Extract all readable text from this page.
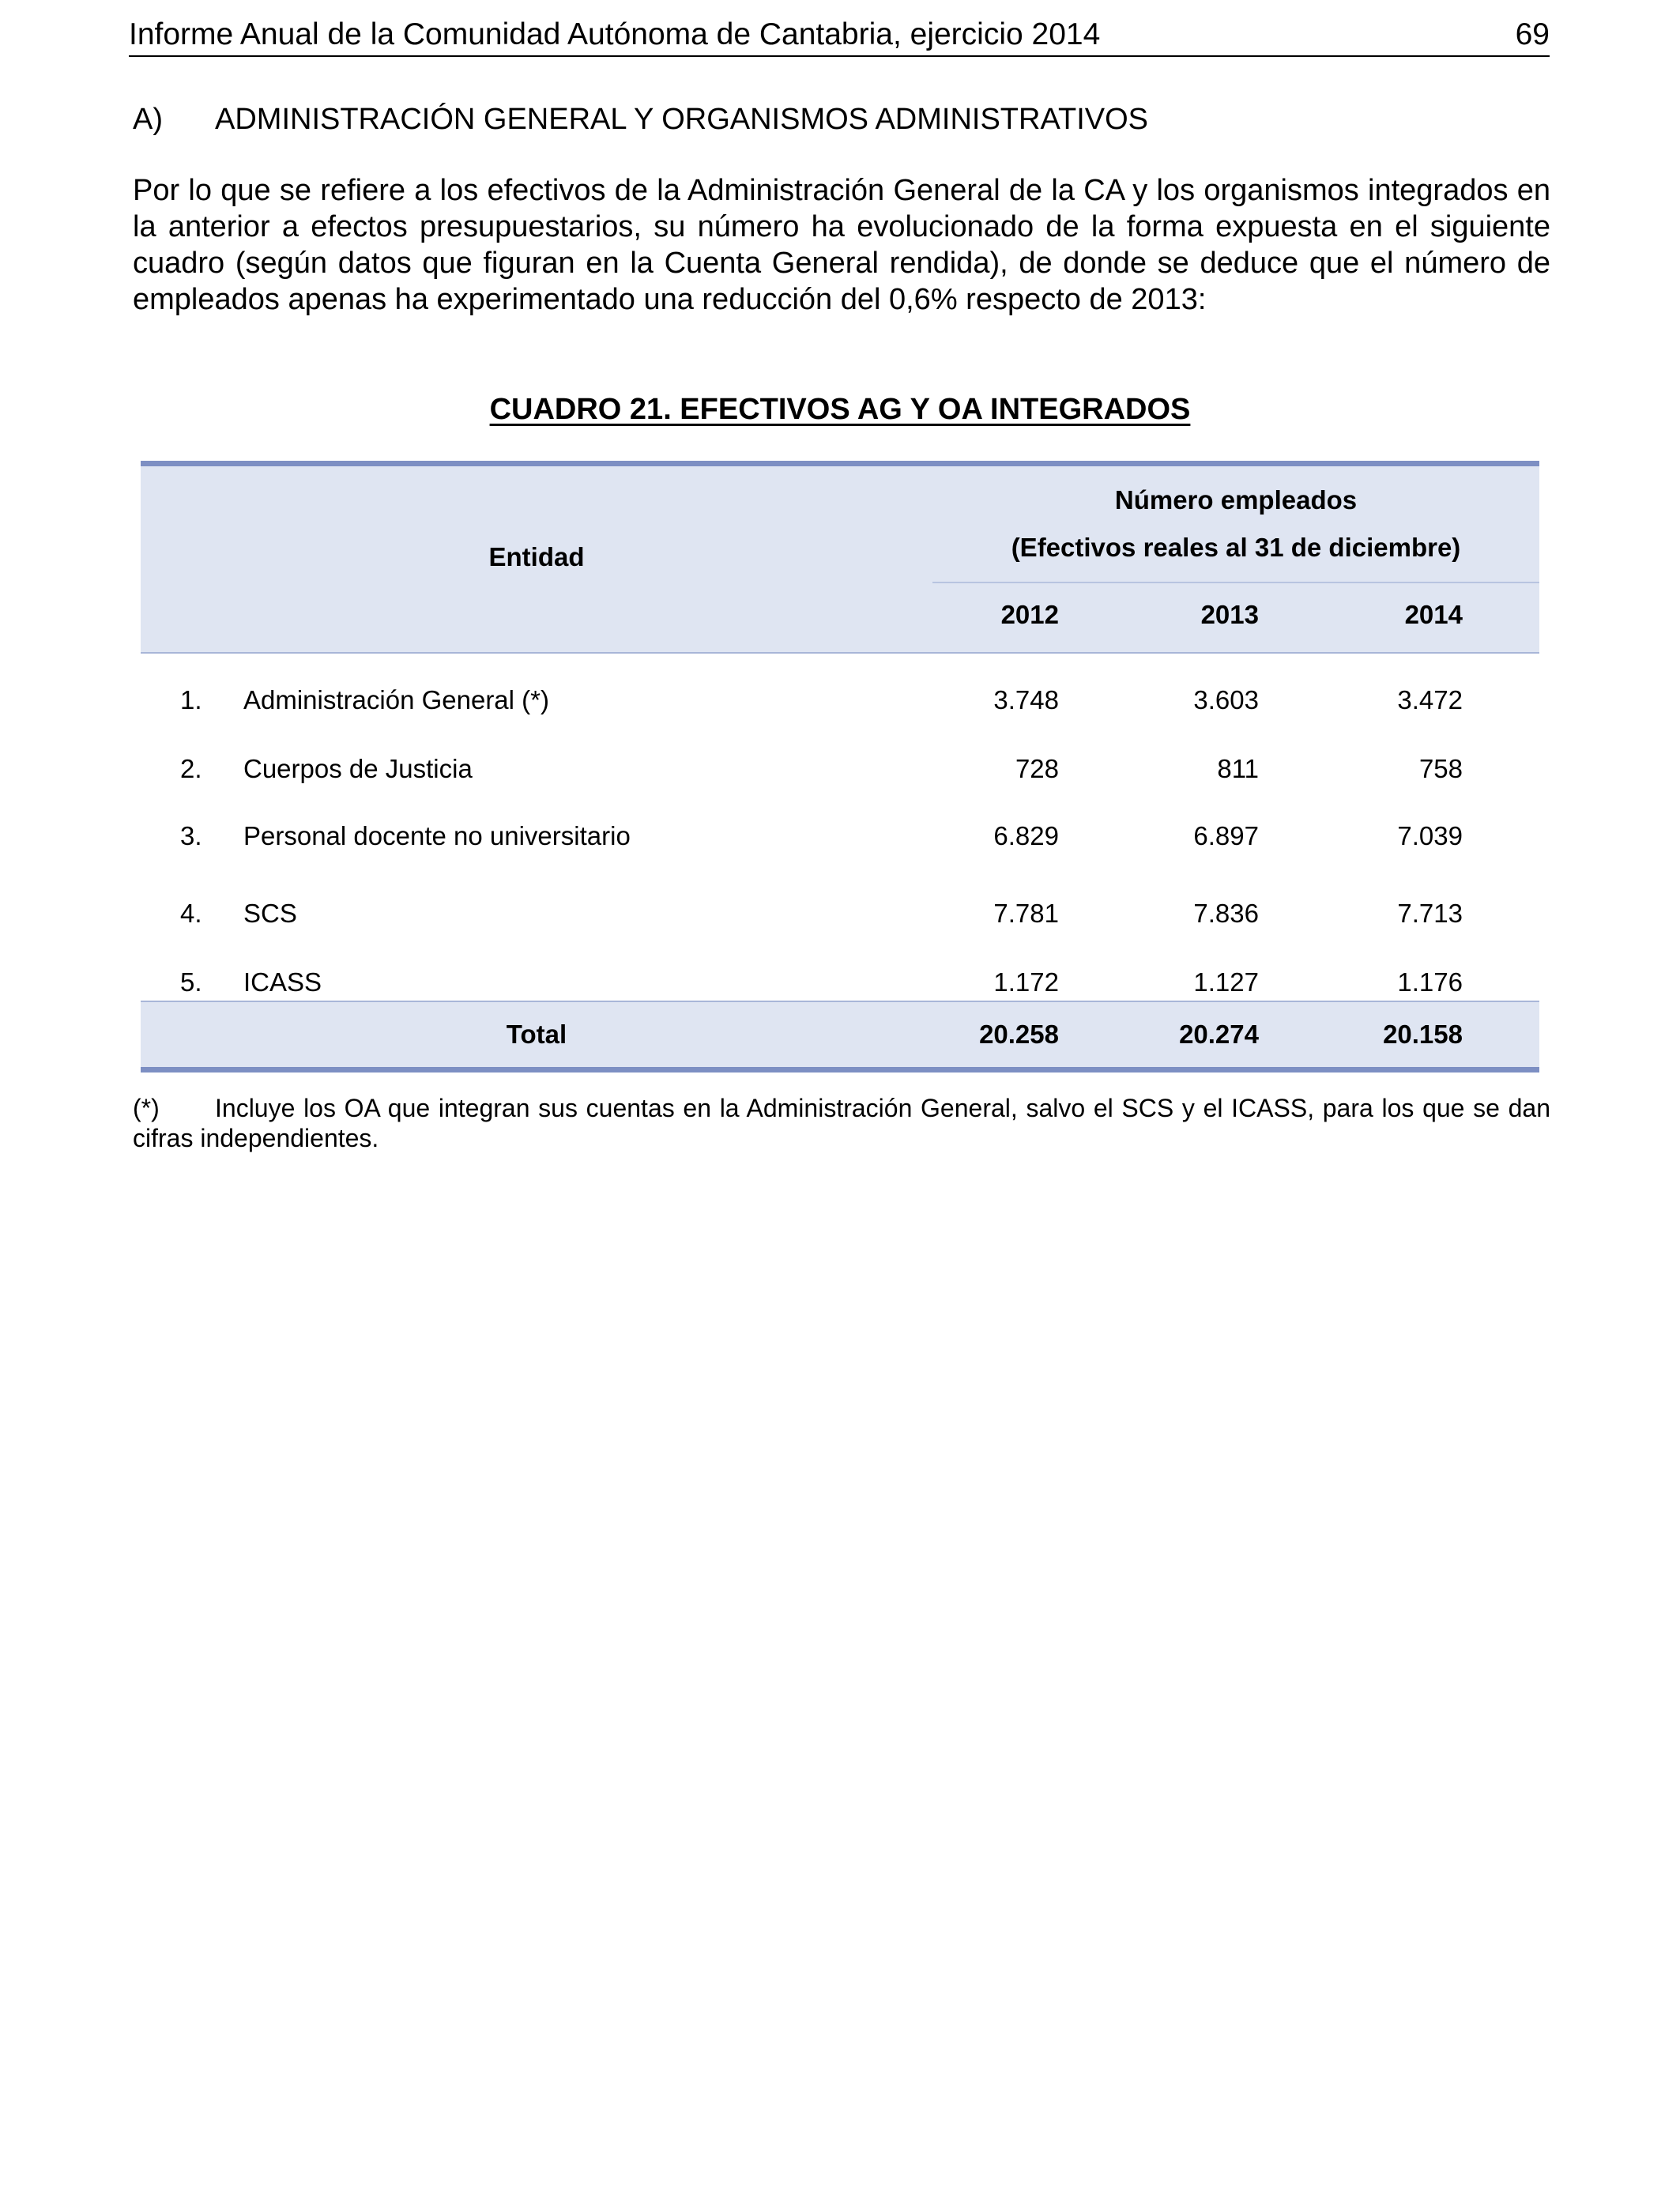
Informe Anual de la Comunidad Autónoma de Cantabria, ejercicio 2014	69
A)	ADMINISTRACIÓN GENERAL Y ORGANISMOS ADMINISTRATIVOS

Por lo que se refiere a los efectivos de la Administración General de la CA y los organismos integrados en la anterior a efectos presupuestarios, su número ha evolucionado de la forma expuesta en el siguiente cuadro (según datos que figuran en la Cuenta General rendida), de donde se deduce que el número de empleados apenas ha experimentado una reducción del 0,6% respecto de 2013:

CUADRO 21. EFECTIVOS AG Y OA INTEGRADOS
Entidad
Número empleados
(Efectivos reales al 31 de diciembre)
2012	2013	2014
1.	Administración General (*)	3.748	3.603	3.472
2.	Cuerpos de Justicia	728	811	758
3.	Personal docente no universitario	6.829	6.897	7.039
4.	SCS	7.781	7.836	7.713
5.	ICASS	1.172	1.127	1.176
Total	20.258	20.274	20.158
(*) Incluye los OA que integran sus cuentas en la Administración General, salvo el SCS y el ICASS, para los que se dan cifras independientes.
